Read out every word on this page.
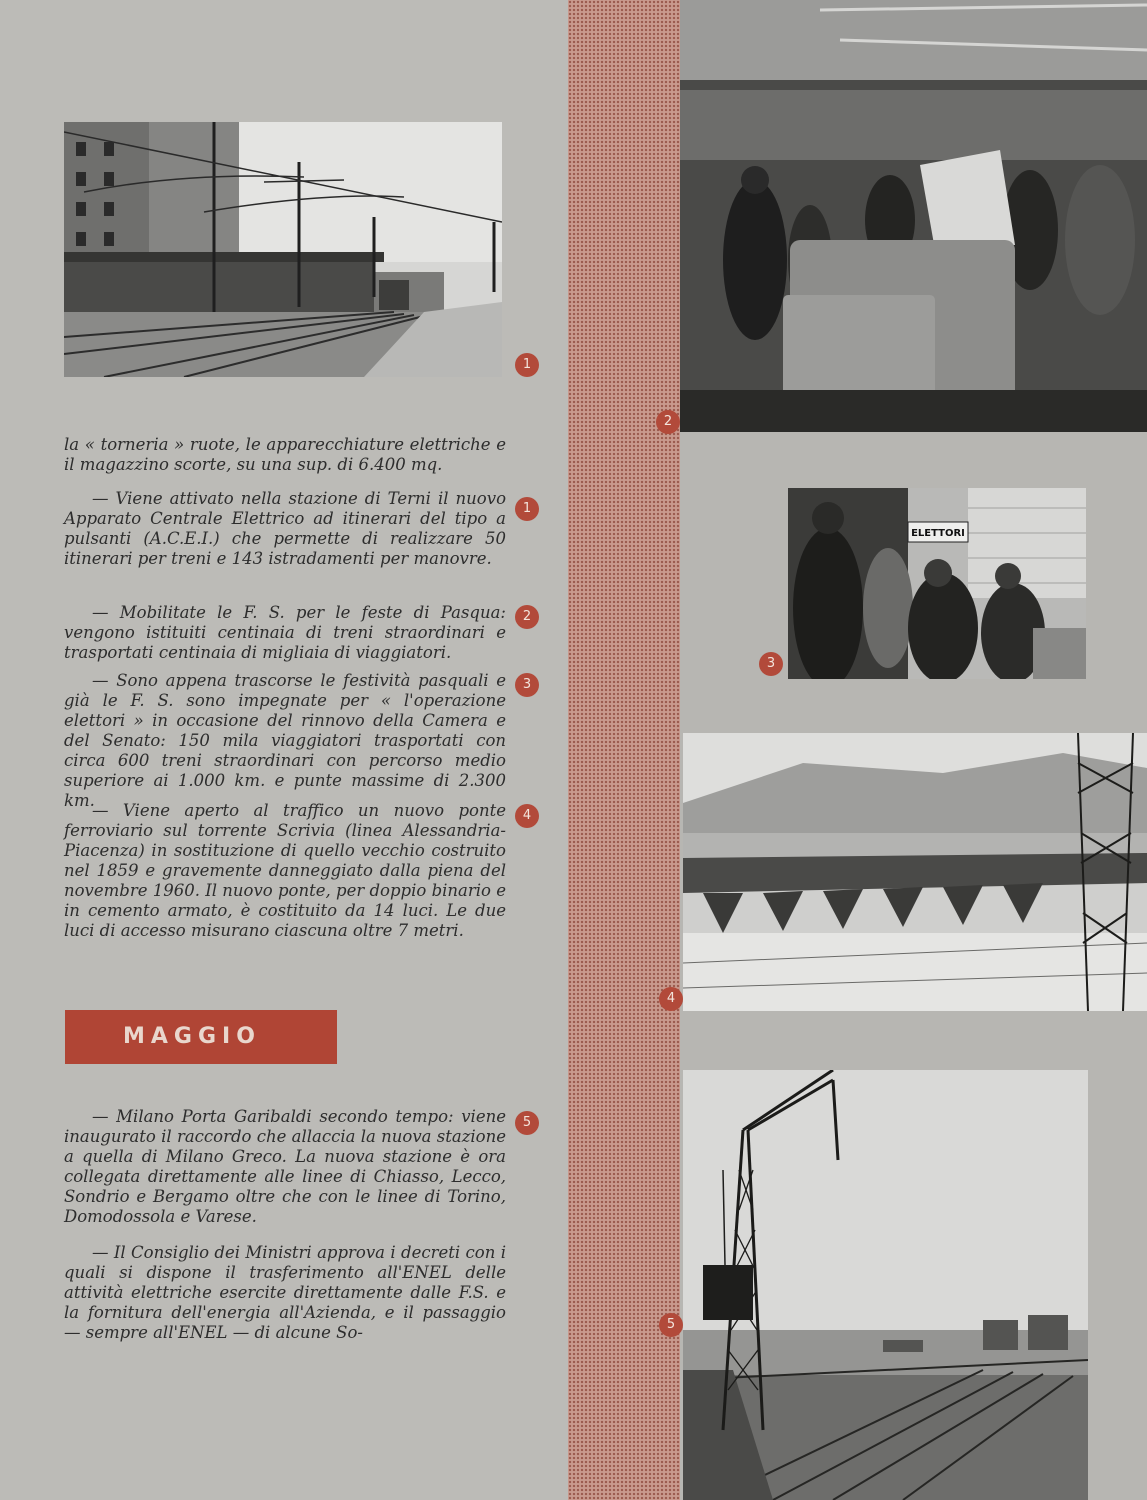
ELETTORI
1
2
3
4
5
1
2
3
4
5

la « torneria » ruote, le apparecchiature elettriche e il magazzino scorte, su una sup. di 6.400 mq.

— Viene attivato nella stazione di Terni il nuovo Apparato Centrale Elettrico ad itinerari del tipo a pulsanti (A.C.E.I.) che permette di realizzare 50 itinerari per treni e 143 istradamenti per manovre.

— Mobilitate le F. S. per le feste di Pasqua: vengono istituiti centinaia di treni straordinari e trasportati centinaia di migliaia di viaggiatori.

— Sono appena trascorse le festività pasquali e già le F. S. sono impegnate per « l'operazione elettori » in occasione del rinnovo della Camera e del Senato: 150 mila viaggiatori trasportati con circa 600 treni straordinari con percorso medio superiore ai 1.000 km. e punte massime di 2.300 km.

— Viene aperto al traffico un nuovo ponte ferroviario sul torrente Scrivia (linea Alessandria-Piacenza) in sostituzione di quello vecchio costruito nel 1859 e gravemente danneggiato dalla piena del novembre 1960. Il nuovo ponte, per doppio binario e in cemento armato, è costituito da 14 luci. Le due luci di accesso misurano ciascuna oltre 7 metri.

MAGGIO

— Milano Porta Garibaldi secondo tempo: viene inaugurato il raccordo che allaccia la nuova stazione a quella di Milano Greco. La nuova stazione è ora collegata direttamente alle linee di Chiasso, Lecco, Sondrio e Bergamo oltre che con le linee di Torino, Domodossola e Varese.

— Il Consiglio dei Ministri approva i decreti con i quali si dispone il trasferimento all'ENEL delle attività elettriche esercite direttamente dalle F.S. e la fornitura dell'energia all'Azienda, e il passaggio — sempre all'ENEL — di alcune So-
